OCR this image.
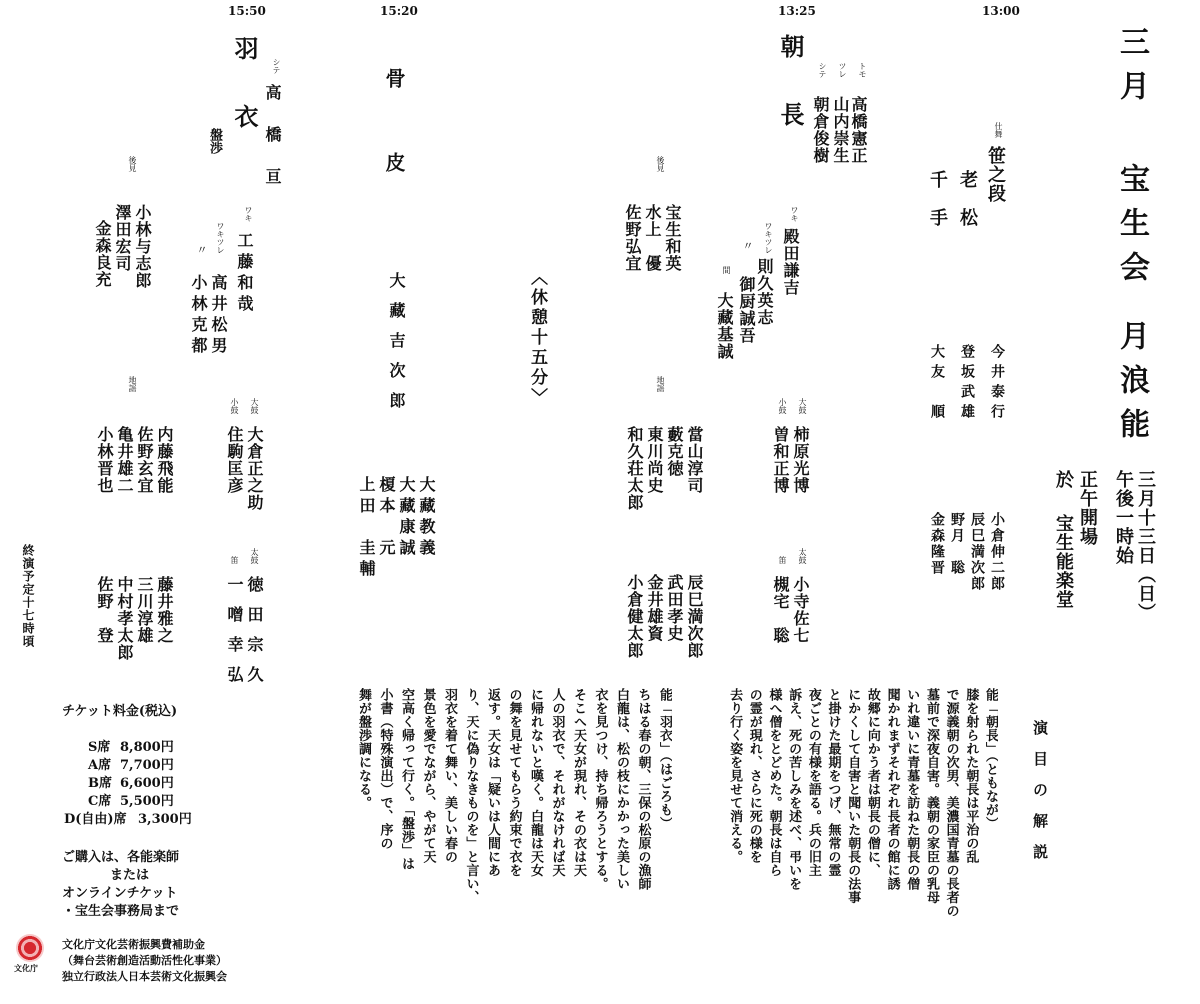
三月 宝生会
月浪能
三月十三日（日）
午後一時始
正午開場
於
宝生能楽堂
13:00
13:25
15:20
15:50
仕舞
笹之段
老　松
千　手
今井泰行
登坂武雄
大友　順
小倉伸二郎
辰巳満次郎
野月　聡
金森隆晋
朝長	トモ
高橋憲正
ツレ
山内崇生
シテ
朝倉俊樹
ワキ
殿田謙吉
ワキツレ
則久英志
〃
御厨誠吾
間
大藏基誠
大鼓
柿原光博
小鼓
曽和正博
太鼓
小寺佐七
笛
槻宅　聡
後見
宝生和英
水上　優
佐野弘宜
地謡
當山淳司
藪克徳
東川尚史
和久荘太郎
辰巳満次郎
武田孝史
金井雄資
小倉健太郎
〈休憩十五分〉
骨皮
大藏吉次郎
大藏教義
大藏康誠
榎本　元
上田　圭輔
羽衣
盤渉
シテ
高橋亘
ワキ
工藤和哉
ワキツレ
高井松男
〃
小林克都
大鼓
大倉正之助
小鼓
住駒匡彦
太鼓
徳田宗久
笛
一噌幸弘
後見
小林与志郎
澤田宏司
金森良充
地謡
内藤飛能
佐野玄宜
亀井雄二
小林晋也
藤井雅之
三川淳雄
中村孝太郎
佐野　登
終演予定十七時頃
演目の解説
能「朝長」（ともなが）
膝を射られた朝長は平治の乱
で源義朝の次男、美濃国青墓の長者の
墓前で深夜自害。義朝の家臣の乳母
いれ違いに青墓を訪ねた朝長の僧
聞かれまずそれぞれ長者の館に誘
故郷に向かう者は朝長の僧に、
にかくして自害と聞いた朝長の法事
と掛けた最期をつげ、無常の霊
夜ごとの有様を語る。兵の旧主
訴え、死の苦しみを述べ、弔いを
様へ僧をとどめた。朝長は自ら
の霊が現れ、さらに死の様を
去り行く姿を見せて消える。
能「羽衣」（はごろも）
ちはる春の朝、三保の松原の漁師
白龍は、松の枝にかかった美しい
衣を見つけ、持ち帰ろうとする。
そこへ天女が現れ、その衣は天
人の羽衣で、それがなければ天
に帰れないと嘆く。白龍は天女
の舞を見せてもらう約束で衣を
返す。天女は「疑いは人間にあ
り、天に偽りなきものを」と言い、
羽衣を着て舞い、美しい春の
景色を愛でながら、やがて天
空高く帰って行く。「盤渉」は
小書（特殊演出）で、序の
舞が盤渉調になる。
チケット料金(税込)
S席 8,800円
A席 7,700円
B席 6,600円
C席 5,500円
D(自由)席 3,300円
ご購入は、各能楽師
または
オンラインチケット
・宝生会事務局まで
文化庁
文化庁文化芸術振興費補助金
（舞台芸術創造活動活性化事業）
独立行政法人日本芸術文化振興会
